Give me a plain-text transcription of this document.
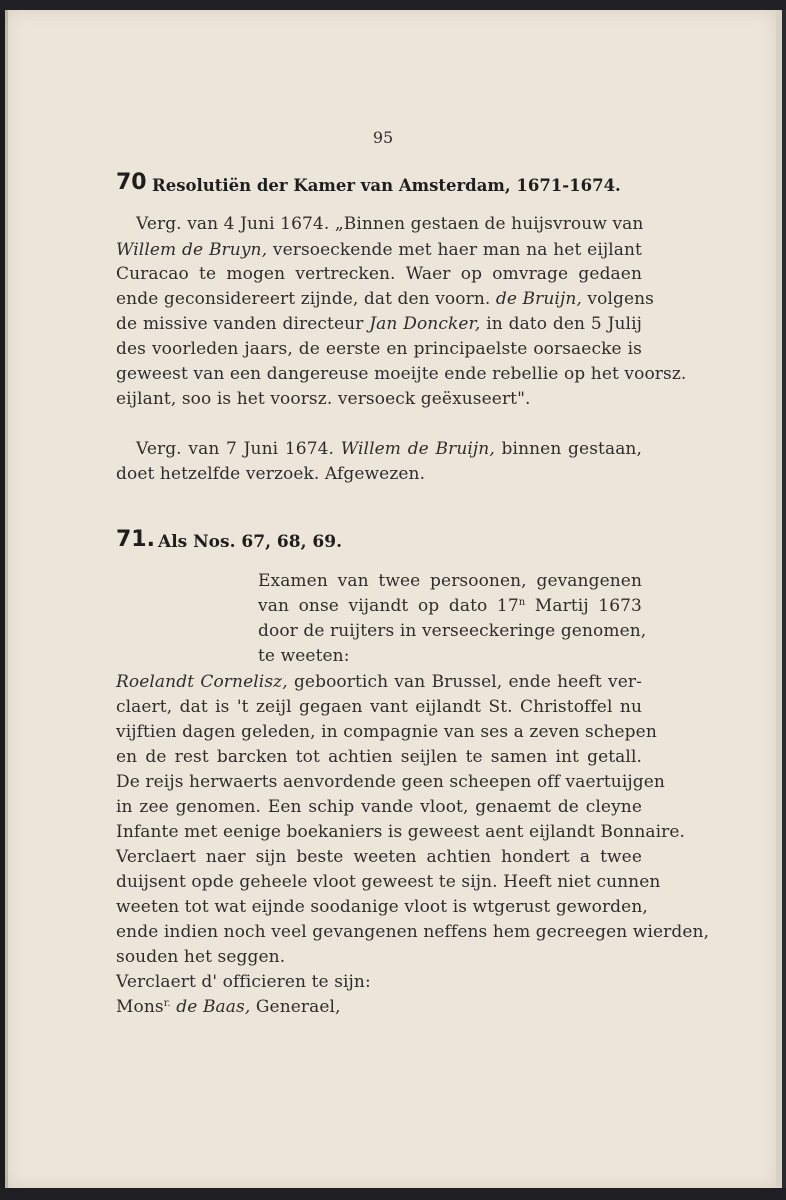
95
70 Resolutiën der Kamer van Amsterdam, 1671-1674.
Verg. van 4 Juni 1674. „Binnen gestaen de huijsvrouw van
Willem de Bruyn, versoeckende met haer man na het eijlant
Curacao te mogen vertrecken. Waer op omvrage gedaen
ende geconsidereert zijnde, dat den voorn. de Bruijn, volgens
de missive vanden directeur Jan Doncker, in dato den 5 Julij
des voorleden jaars, de eerste en principaelste oorsaecke is
geweest van een dangereuse moeijte ende rebellie op het voorsz.
eijlant, soo is het voorsz. versoeck geëxuseert".
Verg. van 7 Juni 1674. Willem de Bruijn, binnen gestaan,
doet hetzelfde verzoek. Afgewezen.
71. Als Nos. 67, 68, 69.
Examen van twee persoonen, gevangenen
van onse vijandt op dato 17$^n$ Martij 1673
door de ruijters in verseeckeringe genomen,
te weeten:
Roelandt Cornelisz, geboortich van Brussel, ende heeft ver-
claert, dat is 't zeijl gegaen vant eijlandt St. Christoffel nu
vijftien dagen geleden, in compagnie van ses a zeven schepen
en de rest barcken tot achtien seijlen te samen int getall.
De reijs herwaerts aenvordende geen scheepen off vaertuijgen
in zee genomen. Een schip vande vloot, genaemt de cleyne
Infante met eenige boekaniers is geweest aent eijlandt Bonnaire.
Verclaert naer sijn beste weeten achtien hondert a twee
duijsent opde geheele vloot geweest te sijn. Heeft niet cunnen
weeten tot wat eijnde soodanige vloot is wtgerust geworden,
ende indien noch veel gevangenen neffens hem gecreegen wierden,
souden het seggen.
Verclaert d' officieren te sijn:
Mons$^{r.}$ de Baas, Generael,
